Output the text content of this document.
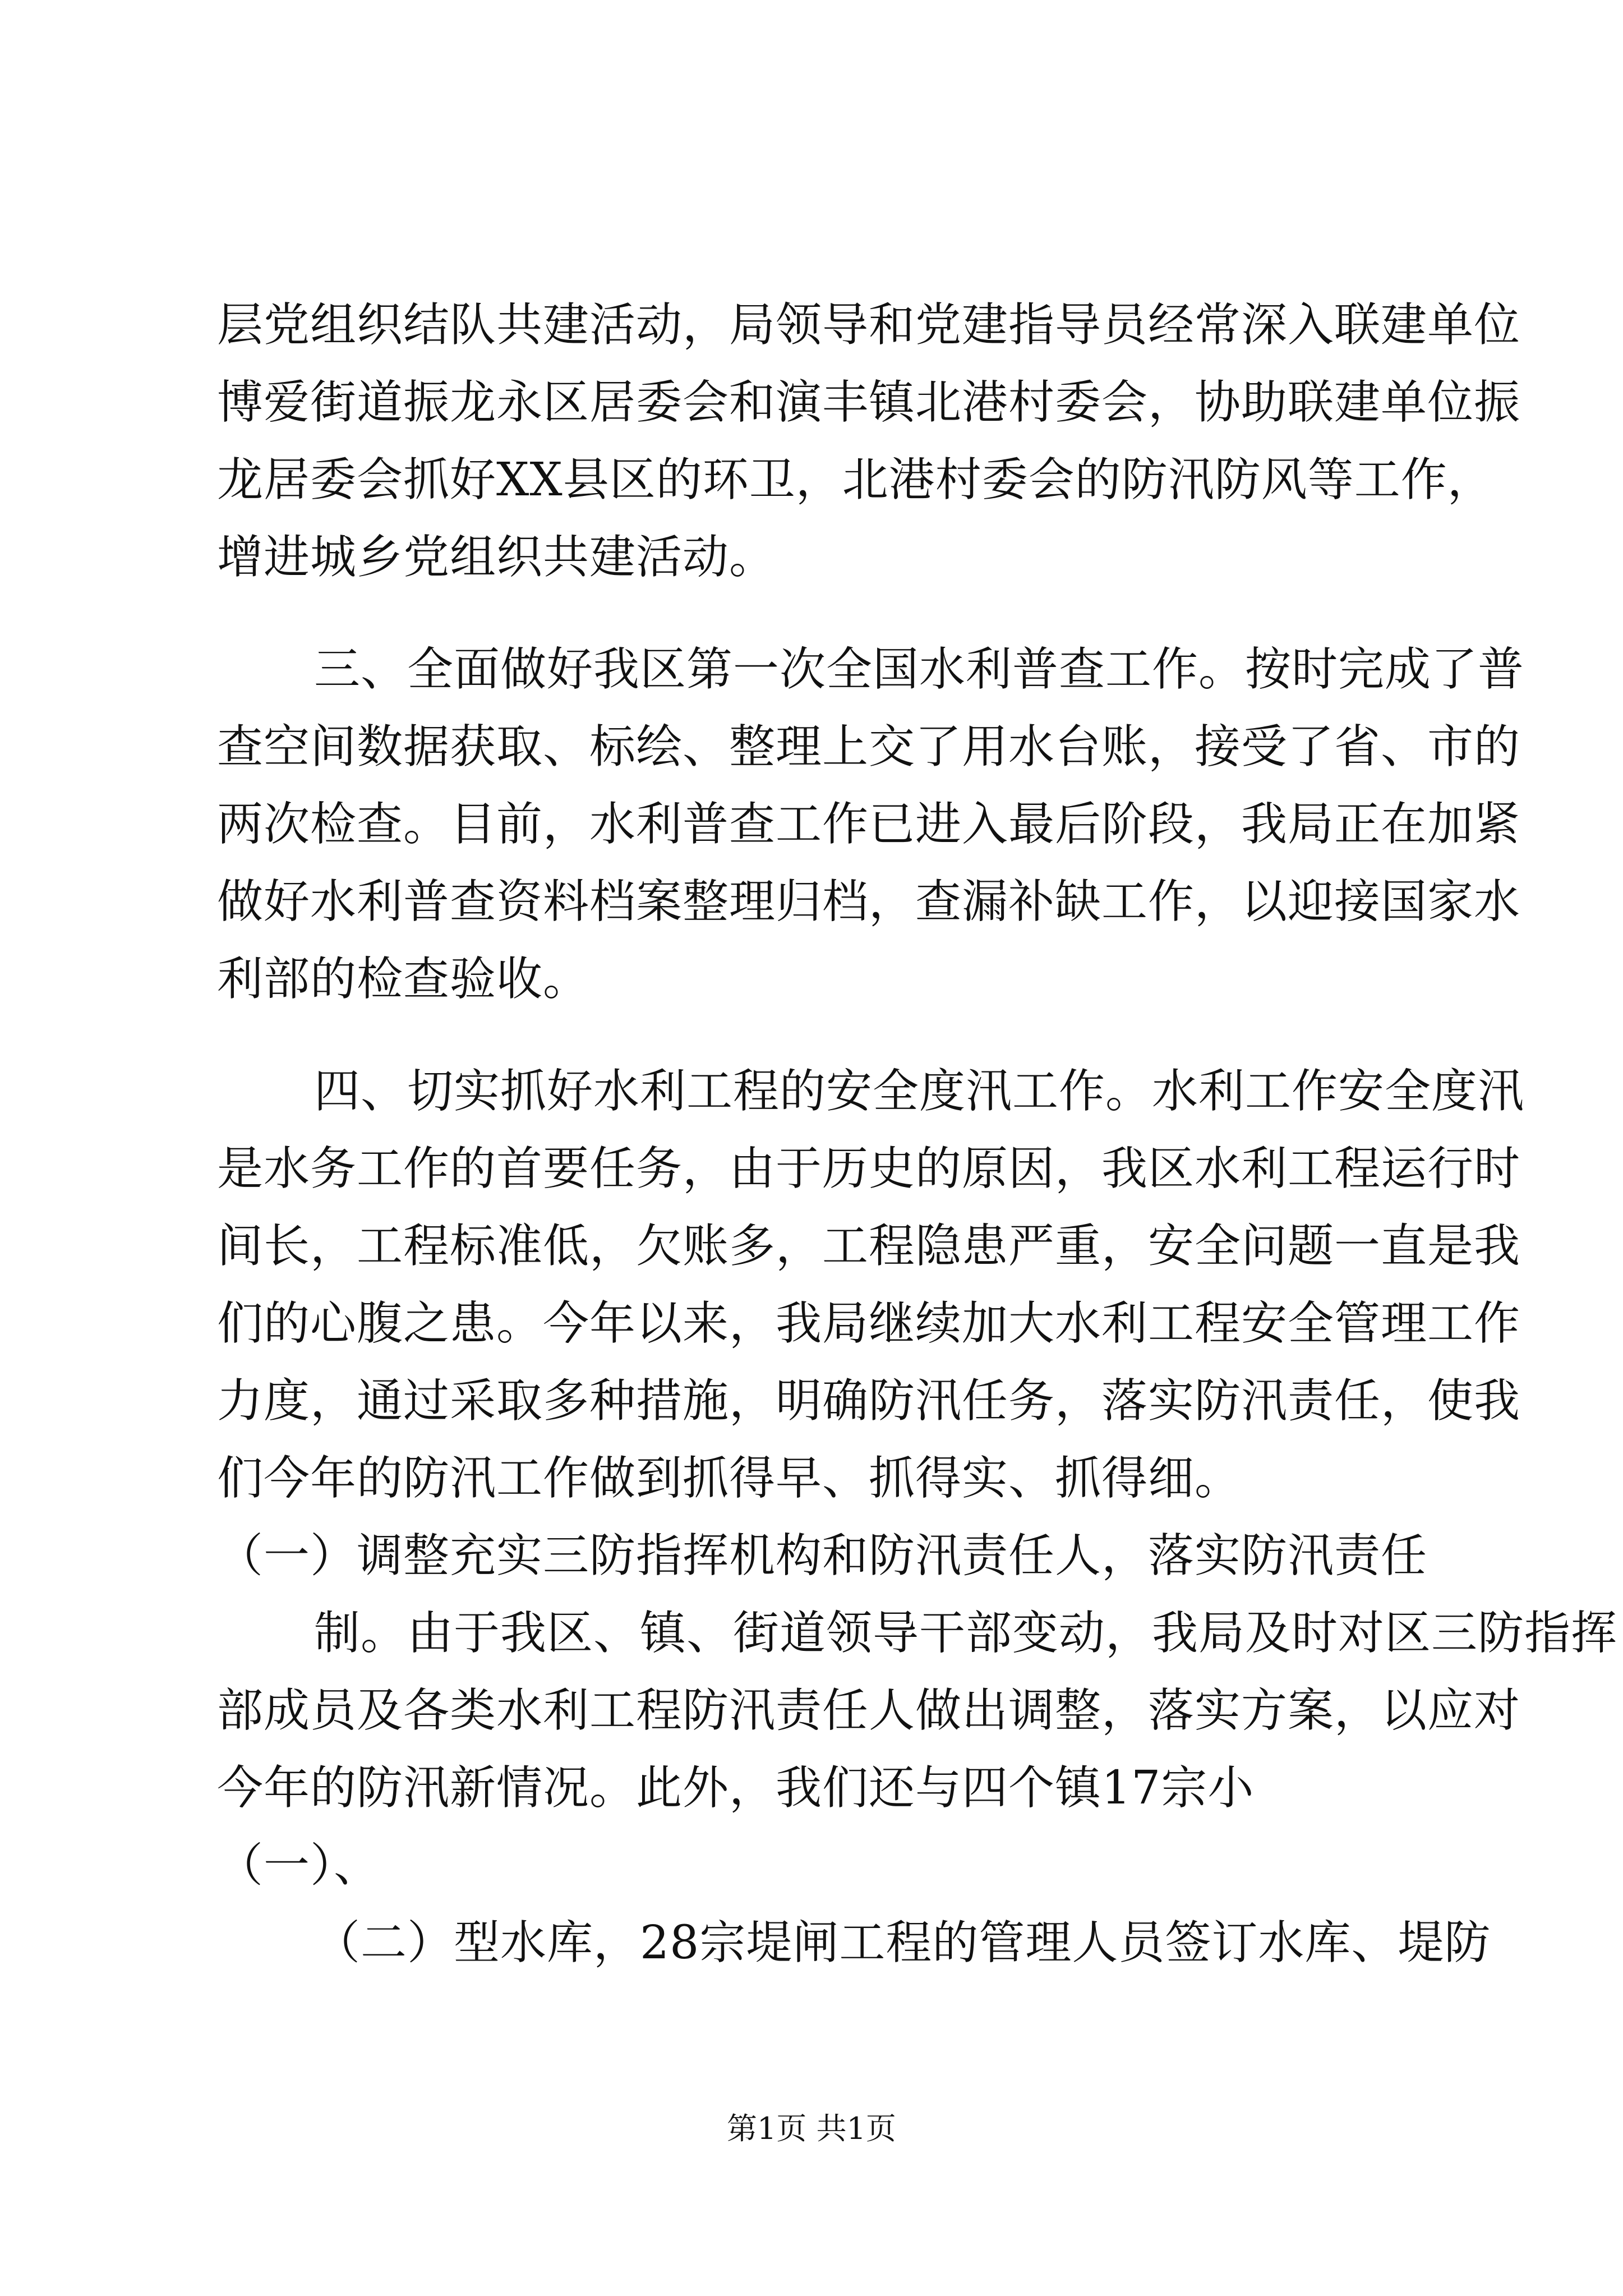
层党组织结队共建活动，局领导和党建指导员经常深入联建单位
博爱街道振龙永区居委会和演丰镇北港村委会，协助联建单位振
龙居委会抓好XX县区的环卫，北港村委会的防汛防风等工作，
增进城乡党组织共建活动。
三、全面做好我区第一次全国水利普查工作。按时完成了普
查空间数据获取、标绘、整理上交了用水台账，接受了省、市的
两次检查。目前，水利普查工作已进入最后阶段，我局正在加紧
做好水利普查资料档案整理归档，查漏补缺工作，以迎接国家水
利部的检查验收。
四、切实抓好水利工程的安全度汛工作。水利工作安全度汛
是水务工作的首要任务，由于历史的原因，我区水利工程运行时
间长，工程标准低，欠账多，工程隐患严重，安全问题一直是我
们的心腹之患。今年以来，我局继续加大水利工程安全管理工作
力度，通过采取多种措施，明确防汛任务，落实防汛责任，使我
们今年的防汛工作做到抓得早、抓得实、抓得细。
（一）调整充实三防指挥机构和防汛责任人，落实防汛责任
制。由于我区、镇、街道领导干部变动，我局及时对区三防指挥
部成员及各类水利工程防汛责任人做出调整，落实方案，以应对
今年的防汛新情况。此外，我们还与四个镇17宗小
（一）、
（二）型水库，28宗堤闸工程的管理人员签订水库、堤防
第1页 共1页
